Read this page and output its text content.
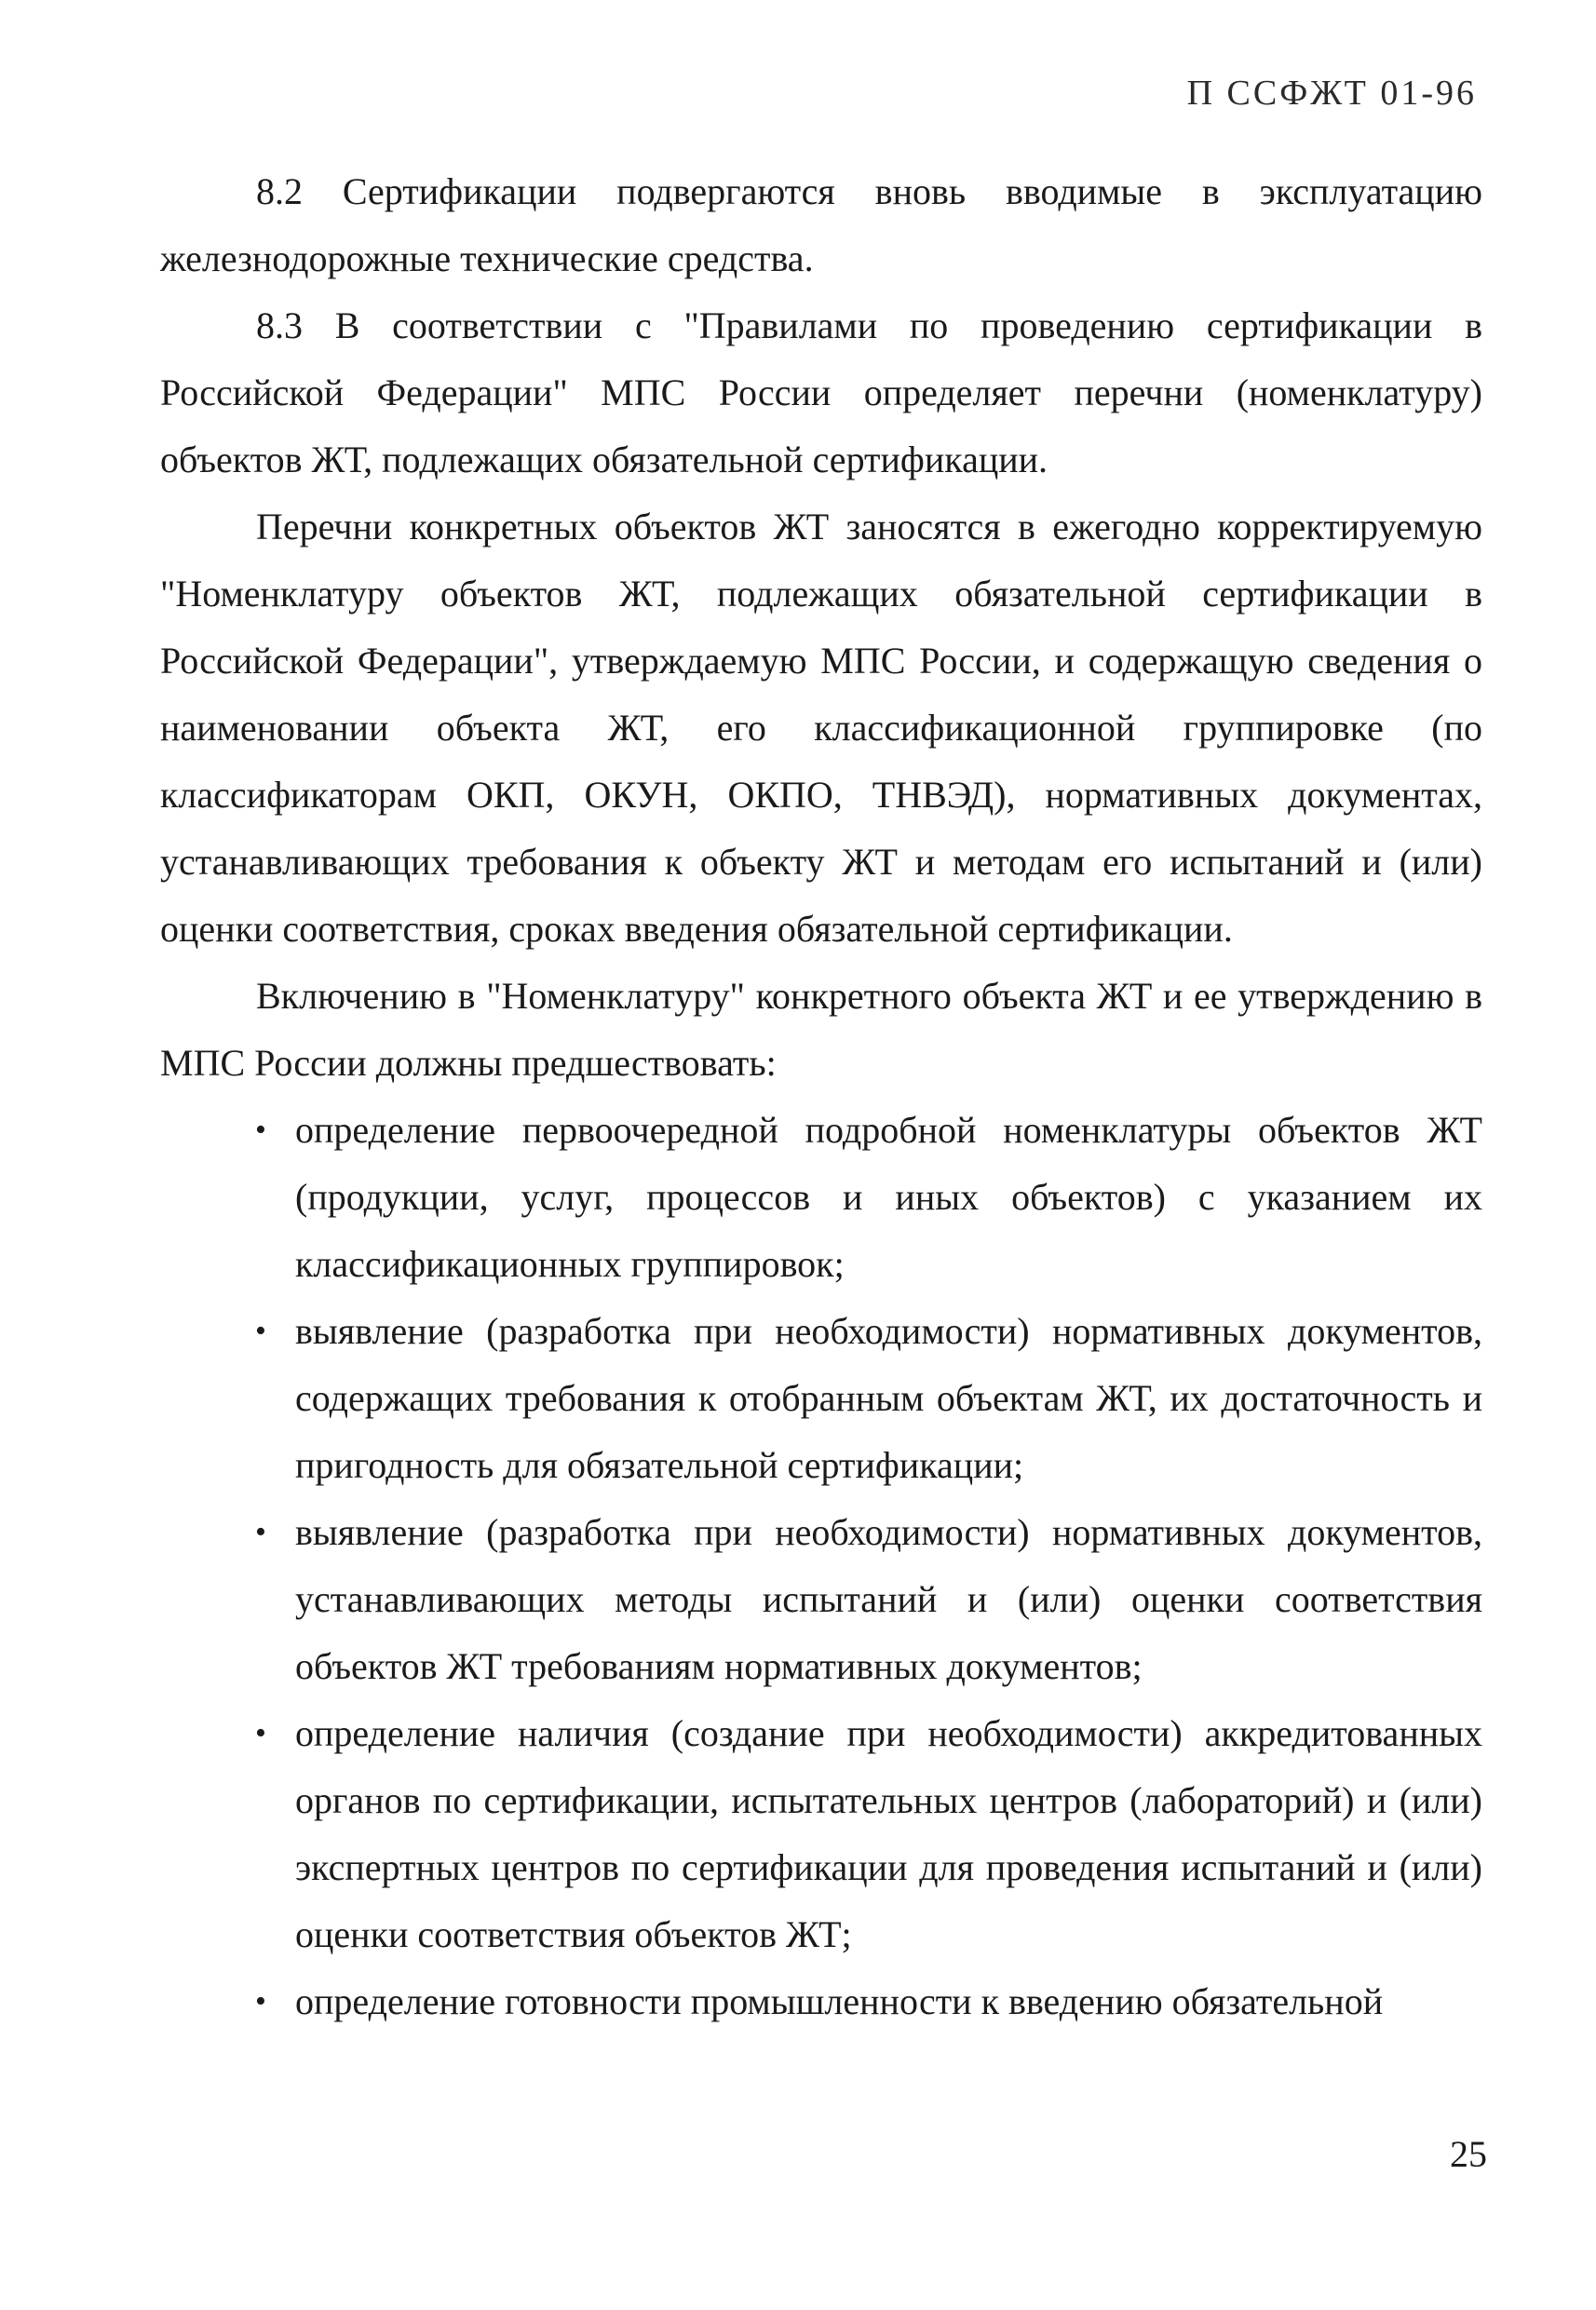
П ССФЖТ 01-96

8.2 Сертификации подвергаются вновь вводимые в эксплуатацию железнодорожные технические средства.

8.3 В соответствии с "Правилами по проведению сертификации в Российской Федерации" МПС России определяет перечни (номенклатуру) объектов ЖТ, подлежащих обязательной сертификации.

Перечни конкретных объектов ЖТ заносятся в ежегодно корректируемую "Номенклатуру объектов ЖТ, подлежащих обязательной сертификации в Российской Федерации", утверждаемую МПС России, и содержащую сведения о наименовании объекта ЖТ, его классификационной группировке (по классификаторам ОКП, ОКУН, ОКПО, ТНВЭД), нормативных документах, устанавливающих требования к объекту ЖТ и методам его испытаний и (или) оценки соответствия, сроках введения обязательной сертификации.

Включению в "Номенклатуру" конкретного объекта ЖТ и ее утверждению в МПС России должны предшествовать:

• определение первоочередной подробной номенклатуры объектов ЖТ (продукции, услуг, процессов и иных объектов) с указанием их классификационных группировок;
• выявление (разработка при необходимости) нормативных документов, содержащих требования к отобранным объектам ЖТ, их достаточность и пригодность для обязательной сертификации;
• выявление (разработка при необходимости) нормативных документов, устанавливающих методы испытаний и (или) оценки соответствия объектов ЖТ требованиям нормативных документов;
• определение наличия (создание при необходимости) аккредитованных органов по сертификации, испытательных центров (лабораторий) и (или) экспертных центров по сертификации для проведения испытаний и (или) оценки соответствия объектов ЖТ;
• определение готовности промышленности к введению обязательной
25
